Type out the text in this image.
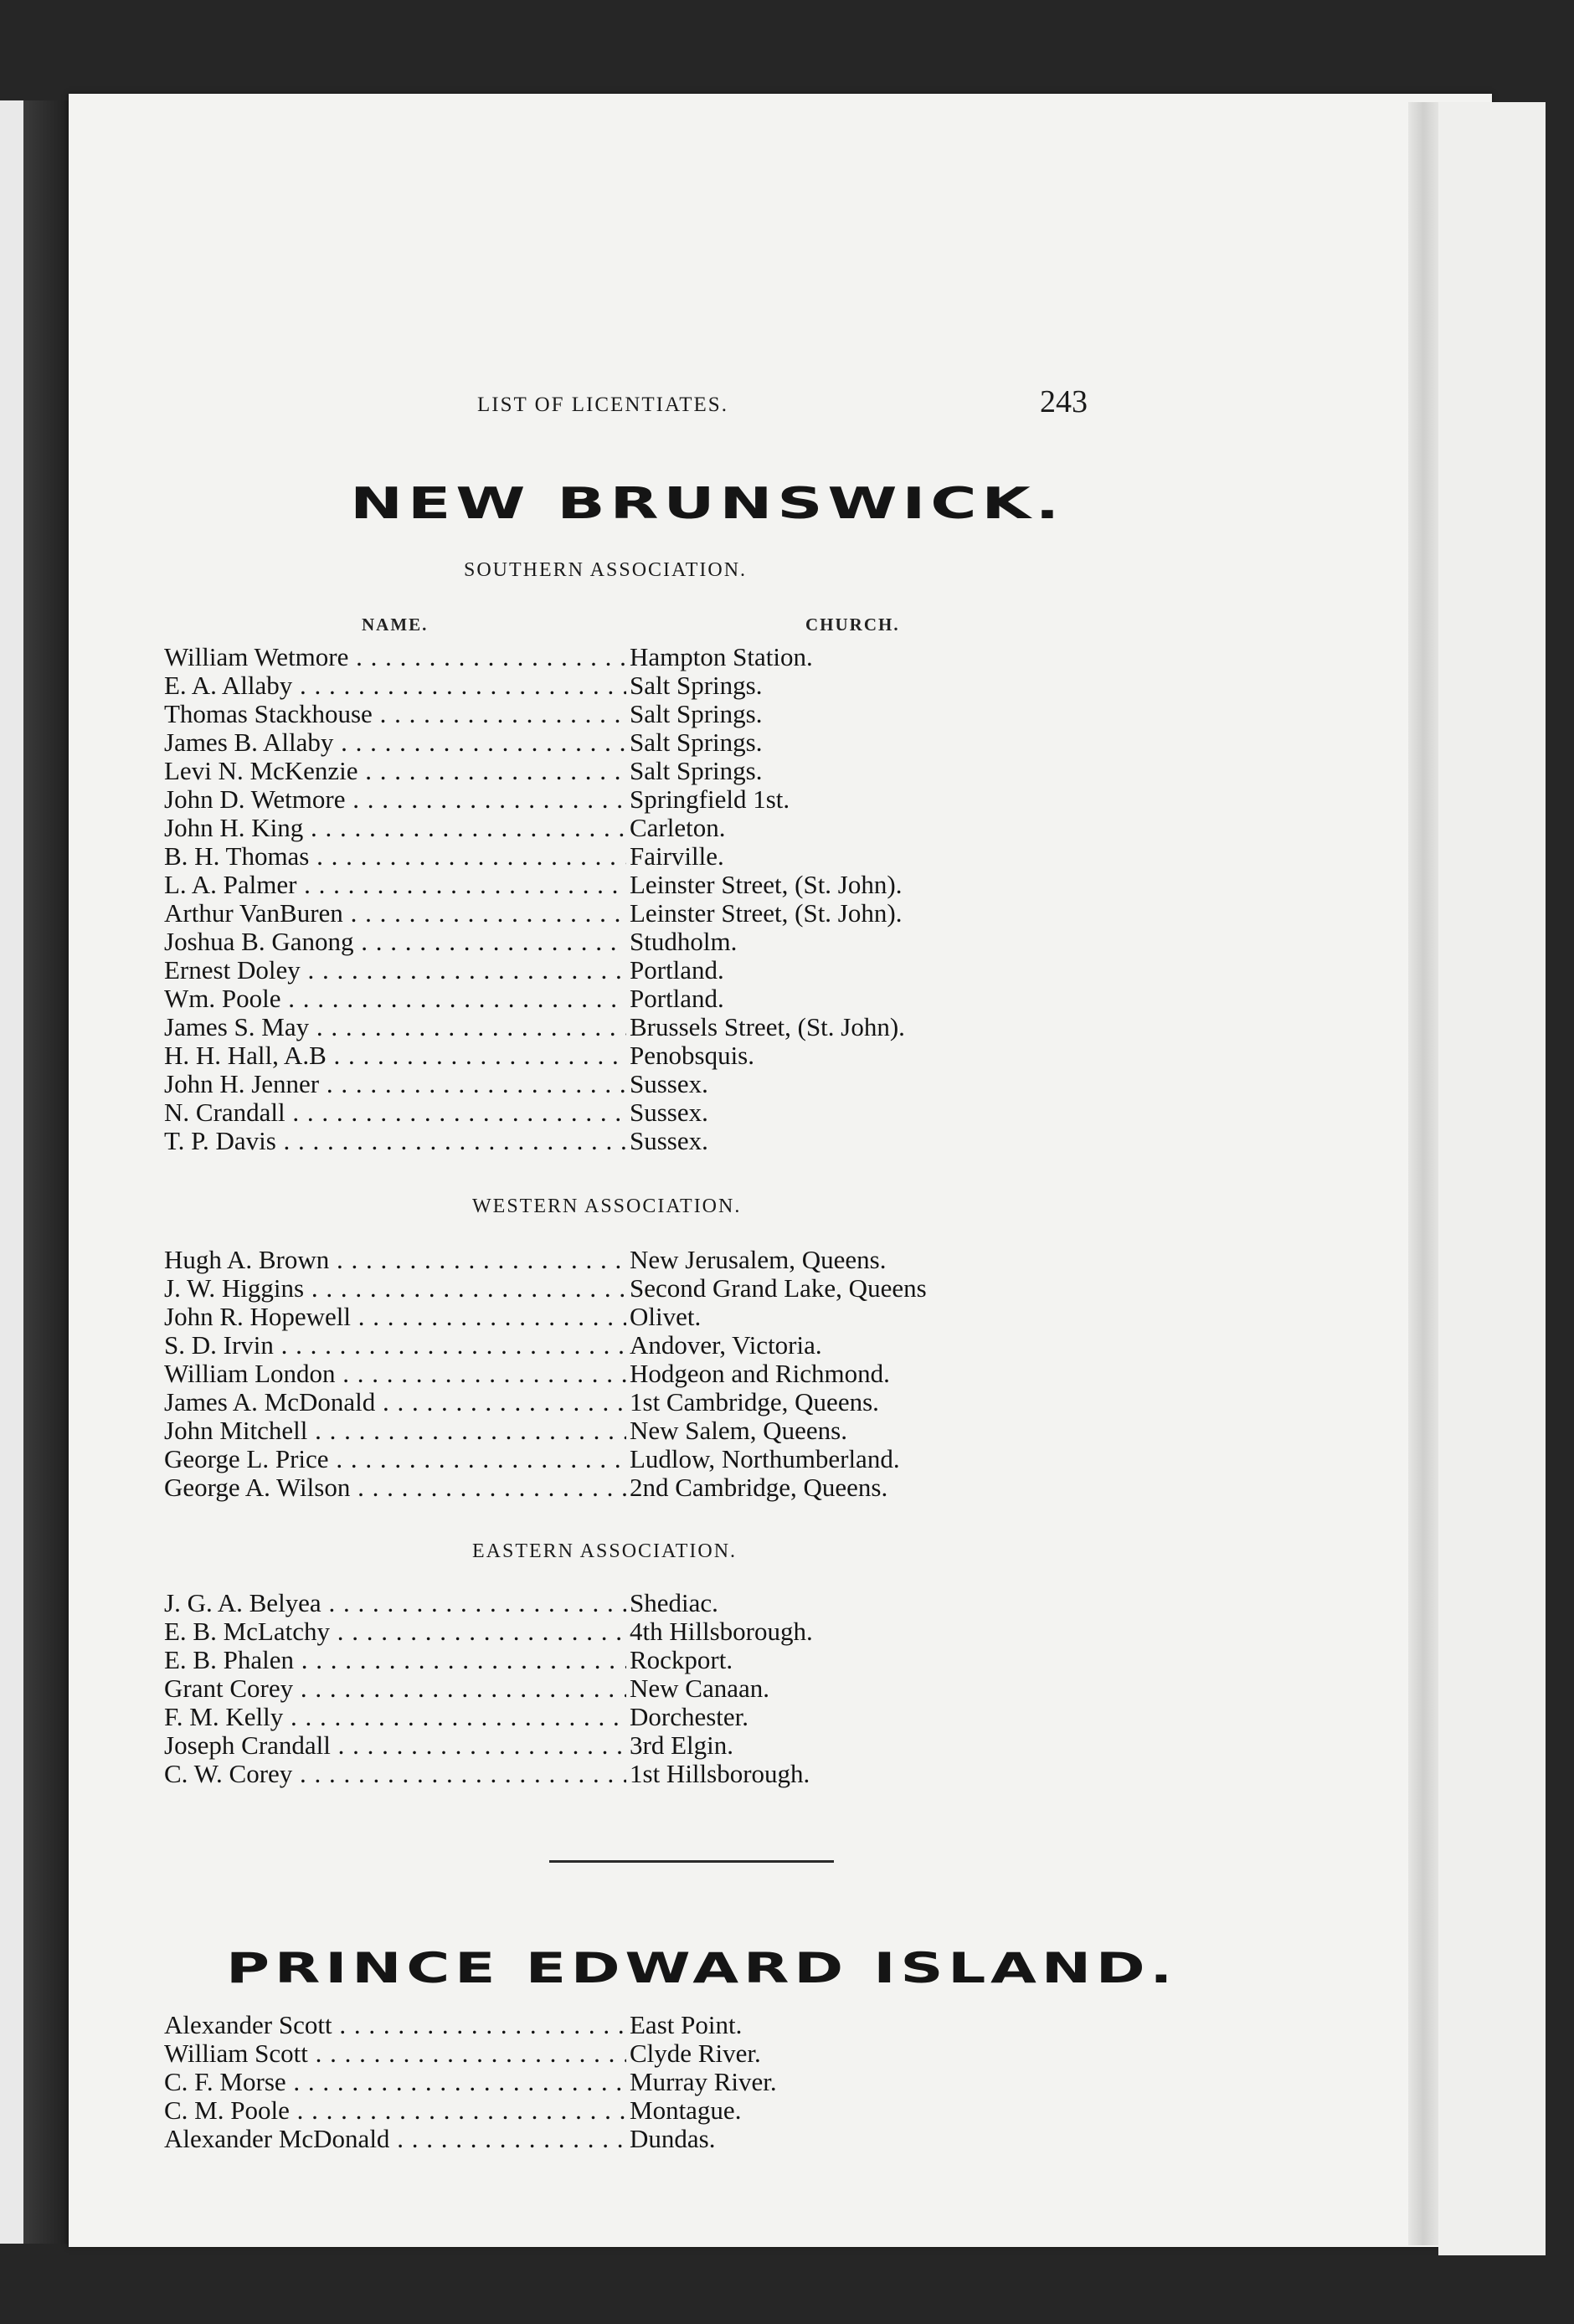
LIST OF LICENTIATES.	243
NEW BRUNSWICK.
SOUTHERN ASSOCIATION.
NAME.	CHURCH.
William Wetmore . . .	Hampton Station.
E. A. Allaby . . .	Salt Springs.
Thomas Stackhouse . . .	Salt Springs.
James B. Allaby . . .	Salt Springs.
Levi N. McKenzie . . .	Salt Springs.
John D. Wetmore . . .	Springfield 1st.
John H. King . . .	Carleton.
B. H. Thomas . . .	Fairville.
L. A. Palmer . . .	Leinster Street, (St. John).
Arthur VanBuren . . .	Leinster Street, (St. John).
Joshua B. Ganong . . .	Studholm.
Ernest Doley . . .	Portland.
Wm. Poole . . .	Portland.
James S. May . . .	Brussels Street, (St. John).
H. H. Hall, A.B . . .	Penobsquis.
John H. Jenner . . .	Sussex.
N. Crandall . . .	Sussex.
T. P. Davis . . .	Sussex.
WESTERN ASSOCIATION.
Hugh A. Brown . . .	New Jerusalem, Queens.
J. W. Higgins . . .	Second Grand Lake, Queens
John R. Hopewell . . .	Olivet.
S. D. Irvin . . .	Andover, Victoria.
William London . . .	Hodgeon and Richmond.
James A. McDonald . . .	1st Cambridge, Queens.
John Mitchell . . .	New Salem, Queens.
George L. Price . . .	Ludlow, Northumberland.
George A. Wilson . . .	2nd Cambridge, Queens.
EASTERN ASSOCIATION.
J. G. A. Belyea . . .	Shediac.
E. B. McLatchy . . .	4th Hillsborough.
E. B. Phalen . . .	Rockport.
Grant Corey . . .	New Canaan.
F. M. Kelly . . .	Dorchester.
Joseph Crandall . . .	3rd Elgin.
C. W. Corey . . .	1st Hillsborough.
PRINCE EDWARD ISLAND.
Alexander Scott . . .	East Point.
William Scott . . .	Clyde River.
C. F. Morse . . .	Murray River.
C. M. Poole . . .	Montague.
Alexander McDonald . . .	Dundas.
